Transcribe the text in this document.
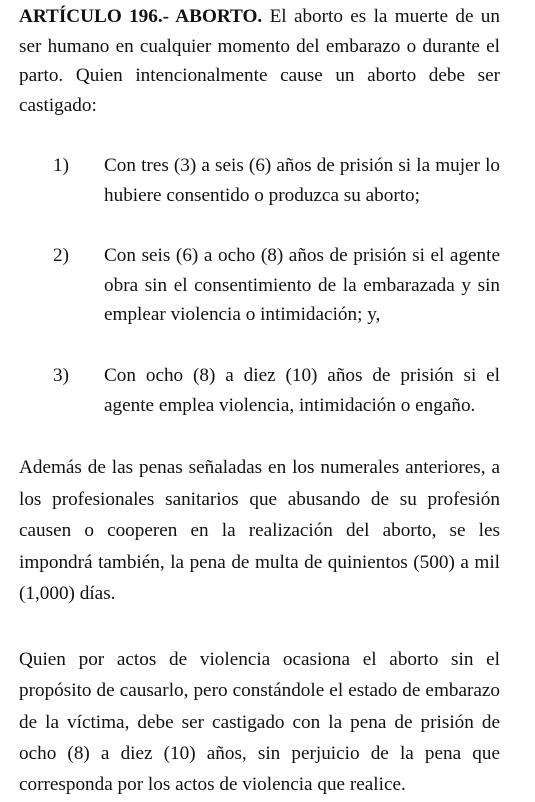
ARTÍCULO 196.- ABORTO. El aborto es la muerte de un ser humano en cualquier momento del embarazo o durante el parto. Quien intencionalmente cause un aborto debe ser castigado:

1)	Con tres (3) a seis (6) años de prisión si la mujer lo hubiere consentido o produzca su aborto;
2)	Con seis (6) a ocho (8) años de prisión si el agente obra sin el consentimiento de la embarazada y sin emplear violencia o intimidación; y,
3)	Con ocho (8) a diez (10) años de prisión si el agente emplea violencia, intimidación o engaño.

Además de las penas señaladas en los numerales anteriores, a los profesionales sanitarios que abusando de su profesión causen o cooperen en la realización del aborto, se les impondrá también, la pena de multa de quinientos (500) a mil (1,000) días.

Quien por actos de violencia ocasiona el aborto sin el propósito de causarlo, pero constándole el estado de embarazo de la víctima, debe ser castigado con la pena de prisión de ocho (8) a diez (10) años, sin perjuicio de la pena que corresponda por los actos de violencia que realice.
